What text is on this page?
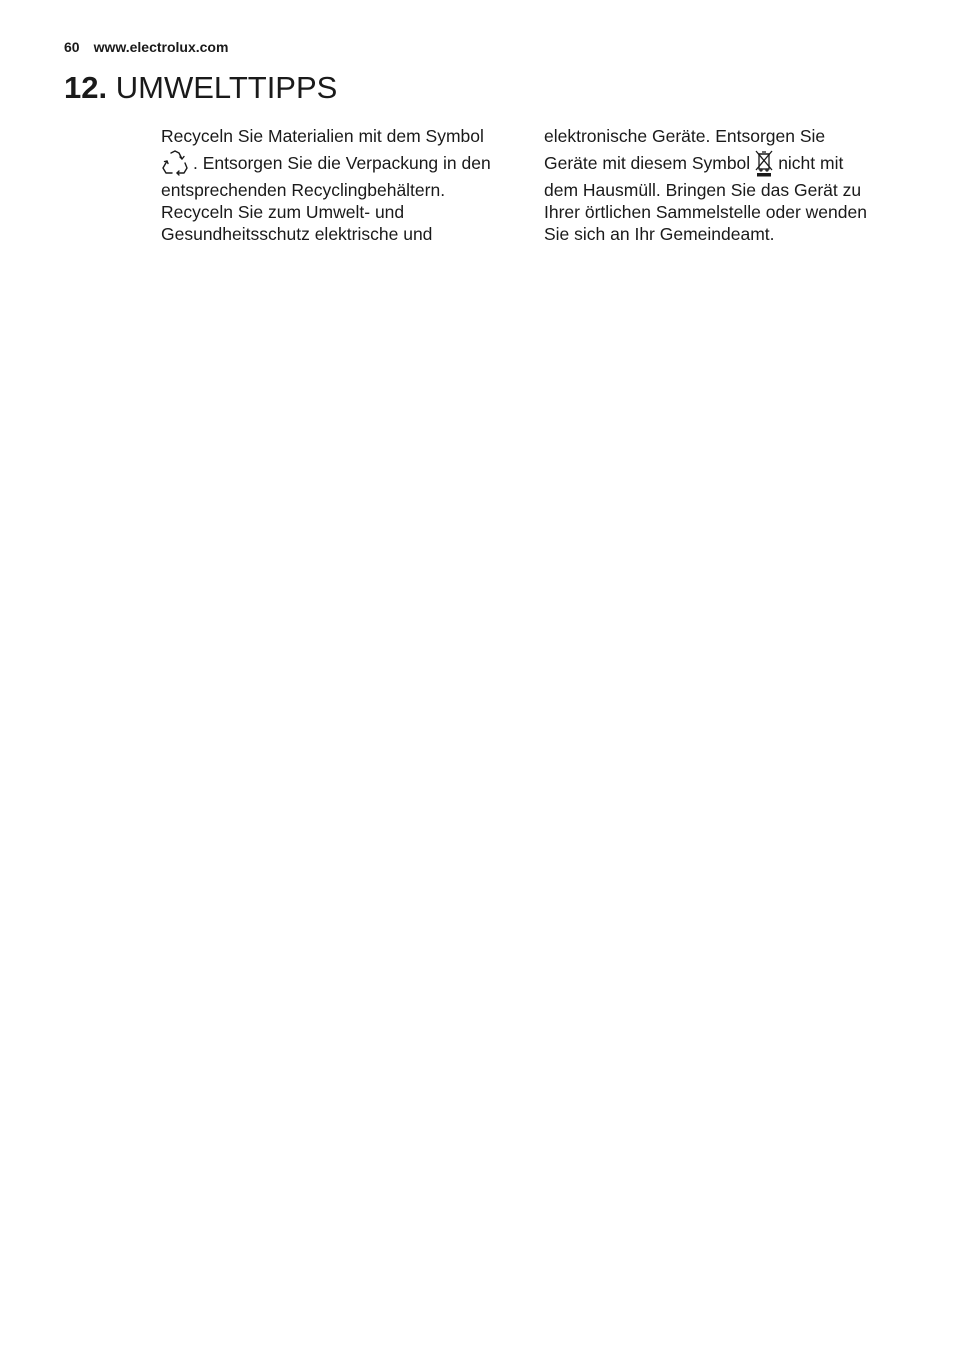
60 www.electrolux.com
12. UMWELTTIPPS
Recyceln Sie Materialien mit dem Symbol
. Entsorgen Sie die Verpackung in den
entsprechenden Recyclingbehältern.
Recyceln Sie zum Umwelt- und
Gesundheitsschutz elektrische und
elektronische Geräte. Entsorgen Sie
Geräte mit diesem Symbol nicht mit
dem Hausmüll. Bringen Sie das Gerät zu
Ihrer örtlichen Sammelstelle oder wenden
Sie sich an Ihr Gemeindeamt.
